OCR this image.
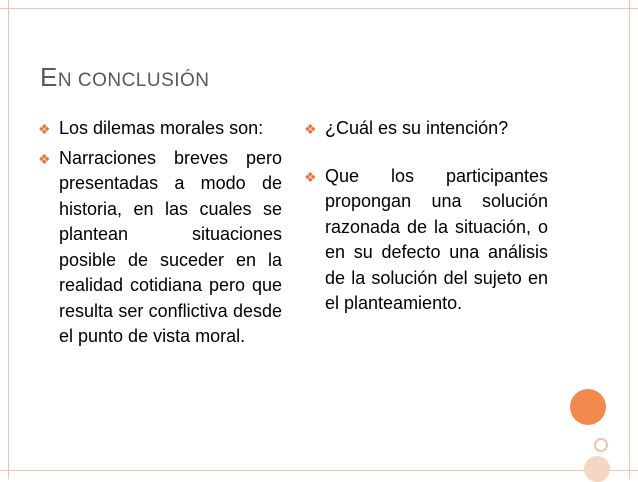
EN CONCLUSIÓN
❖ Los dilemas morales son:
❖ Narraciones breves pero presentadas a modo de historia, en las cuales se plantean situaciones posible de suceder en la realidad cotidiana pero que resulta ser conflictiva desde el punto de vista moral.
❖ ¿Cuál es su intención?
❖ Que los participantes propongan una solución razonada de la situación, o en su defecto una análisis de la solución del sujeto en el planteamiento.
